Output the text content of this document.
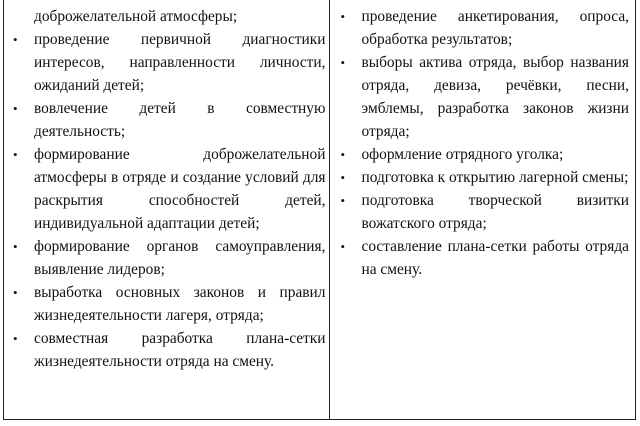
доброжелательной атмосферы;
• проведение первичной диагностики интересов, направленности личности, ожиданий детей;
• вовлечение детей в совместную деятельность;
• формирование доброжелательной атмосферы в отряде и создание условий для раскрытия способностей детей, индивидуальной адаптации детей;
• формирование органов самоуправления, выявление лидеров;
• выработка основных законов и правил жизнедеятельности лагеря, отряда;
• совместная разработка плана-сетки жизнедеятельности отряда на смену.
• проведение анкетирования, опроса, обработка результатов;
• выборы актива отряда, выбор названия отряда, девиза, речёвки, песни, эмблемы, разработка законов жизни отряда;
• оформление отрядного уголка;
• подготовка к открытию лагерной смены;
• подготовка творческой визитки вожатского отряда;
• составление плана-сетки работы отряда на смену.
